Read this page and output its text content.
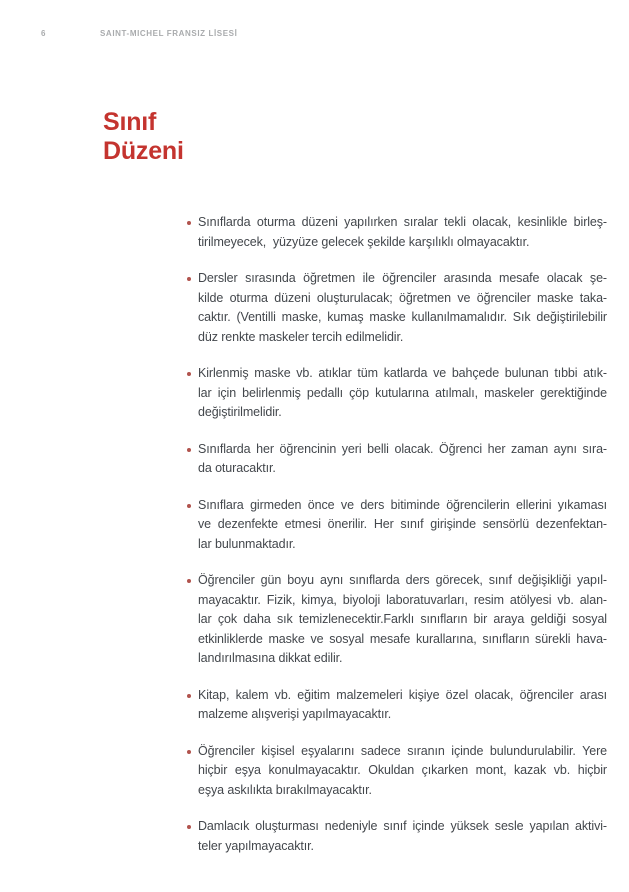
6	SAINT-MICHEL FRANSIZ LİSESİ
Sınıf
Düzeni
Sınıflarda oturma düzeni yapılırken sıralar tekli olacak, kesinlikle birleş-
tirilmeyecek,  yüzyüze gelecek şekilde karşılıklı olmayacaktır.
Dersler sırasında öğretmen ile öğrenciler arasında mesafe olacak şe-
kilde oturma düzeni oluşturulacak; öğretmen ve öğrenciler maske taka-
caktır. (Ventilli maske, kumaş maske kullanılmamalıdır. Sık değiştirilebilir
düz renkte maskeler tercih edilmelidir.
Kirlenmiş maske vb. atıklar tüm katlarda ve bahçede bulunan tıbbi atık-
lar için belirlenmiş pedallı çöp kutularına atılmalı, maskeler gerektiğinde
değiştirilmelidir.
Sınıflarda her öğrencinin yeri belli olacak. Öğrenci her zaman aynı sıra-
da oturacaktır.
Sınıflara girmeden önce ve ders bitiminde öğrencilerin ellerini yıkaması
ve dezenfekte etmesi önerilir. Her sınıf girişinde sensörlü dezenfektan-
lar bulunmaktadır.
Öğrenciler gün boyu aynı sınıflarda ders görecek, sınıf değişikliği yapıl-
mayacaktır. Fizik, kimya, biyoloji laboratuvarları, resim atölyesi vb. alan-
lar çok daha sık temizlenecektir.Farklı sınıfların bir araya geldiği sosyal
etkinliklerde maske ve sosyal mesafe kurallarına, sınıfların sürekli hava-
landırılmasına dikkat edilir.
Kitap, kalem vb. eğitim malzemeleri kişiye özel olacak, öğrenciler arası
malzeme alışverişi yapılmayacaktır.
Öğrenciler kişisel eşyalarını sadece sıranın içinde bulundurulabilir. Yere
hiçbir eşya konulmayacaktır. Okuldan çıkarken mont, kazak vb. hiçbir
eşya askılıkta bırakılmayacaktır.
Damlacık oluşturması nedeniyle sınıf içinde yüksek sesle yapılan aktivi-
teler yapılmayacaktır.
